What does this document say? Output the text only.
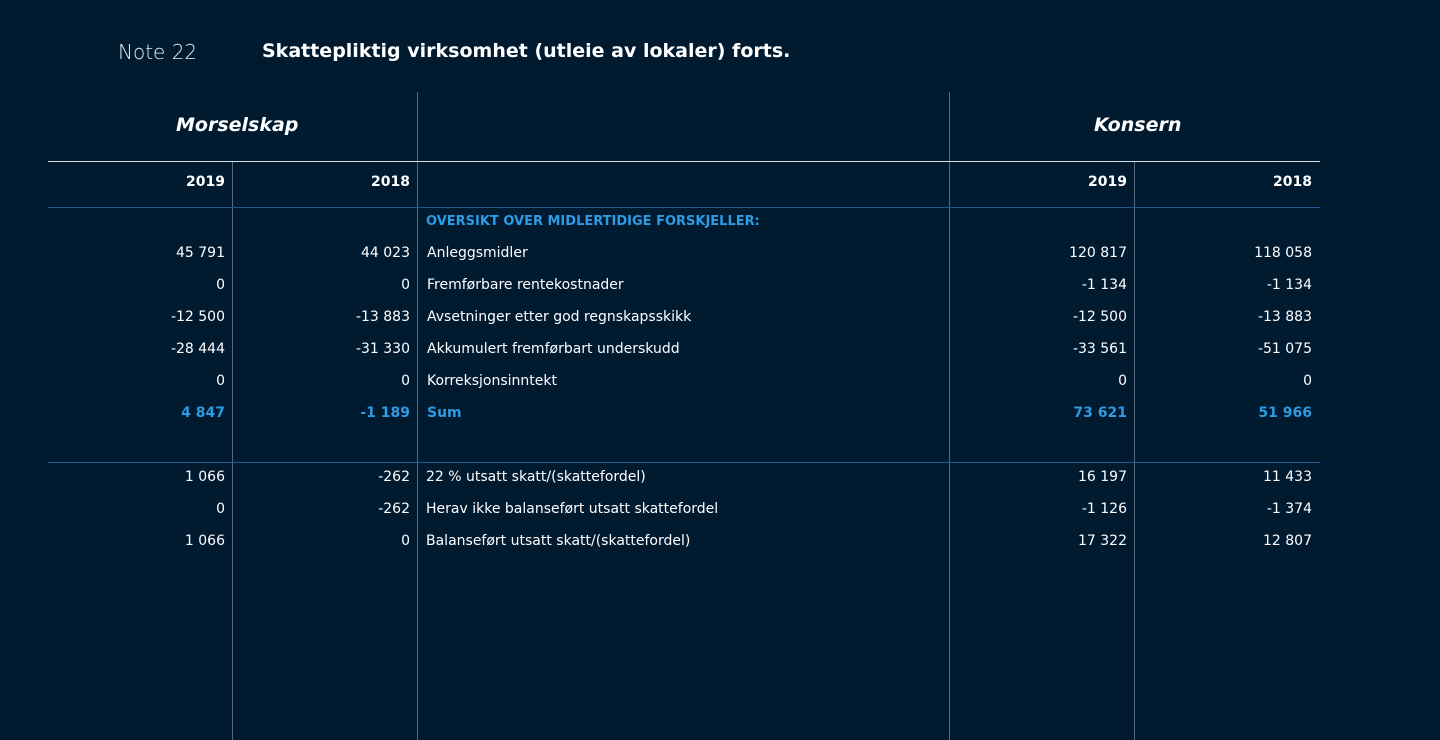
Note 22	Skattepliktig virksomhet (utleie av lokaler) forts.
Morselskap	Konsern
2019	2018	2019	2018
OVERSIKT OVER MIDLERTIDIGE FORSKJELLER:
45 791	44 023 Anleggsmidler	120 817	118 058
0	0 Fremførbare rentekostnader	-1 134	-1 134
-12 500	-13 883 Avsetninger etter god regnskapsskikk	-12 500	-13 883
-28 444	-31 330 Akkumulert fremførbart underskudd	-33 561	-51 075
0	0 Korreksjonsinntekt	0	0
4 847	-1 189 Sum	73 621	51 966
1 066	-262 22 % utsatt skatt/(skattefordel)	16 197	11 433
0	-262 Herav ikke balanseført utsatt skattefordel	-1 126	-1 374
1 066	0 Balanseført utsatt skatt/(skattefordel)	17 322	12 807
